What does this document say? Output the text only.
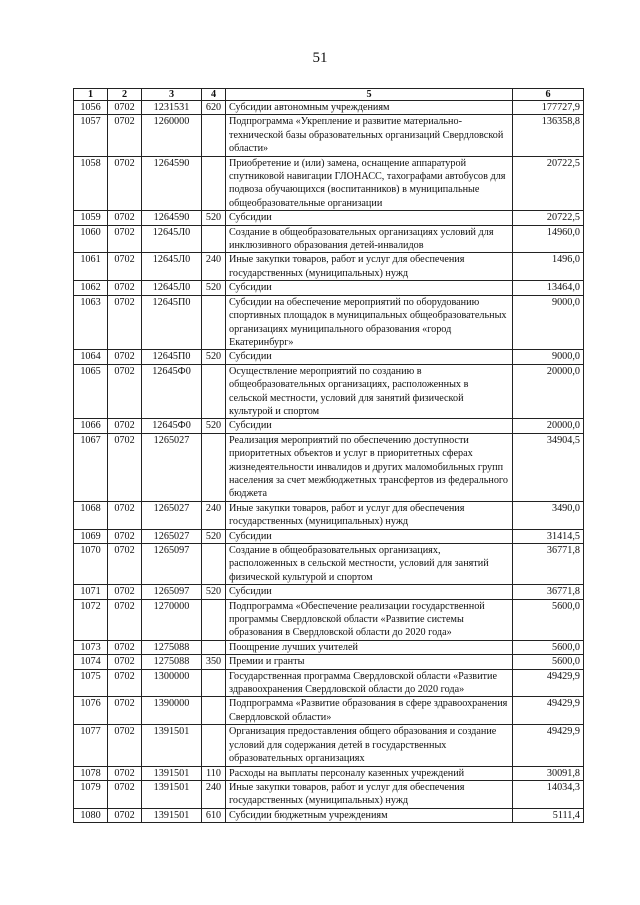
51
1	2	3	4	5	6
1056	0702	1231531	620	Субсидии автономным учреждениям	177727,9
1057	0702	1260000		Подпрограмма «Укрепление и развитие материально-технической базы образовательных организаций Свердловской области»	136358,8
1058	0702	1264590		Приобретение и (или) замена, оснащение аппаратурой спутниковой навигации ГЛОНАСС, тахографами автобусов для подвоза обучающихся (воспитанников) в муниципальные общеобразовательные организации	20722,5
1059	0702	1264590	520	Субсидии	20722,5
1060	0702	12645Л0		Создание в общеобразовательных организациях условий для инклюзивного образования детей-инвалидов	14960,0
1061	0702	12645Л0	240	Иные закупки товаров, работ и услуг для обеспечения государственных (муниципальных) нужд	1496,0
1062	0702	12645Л0	520	Субсидии	13464,0
1063	0702	12645П0		Субсидии на обеспечение мероприятий по оборудованию спортивных площадок в муниципальных общеобразовательных организациях муниципального образования «город Екатеринбург»	9000,0
1064	0702	12645П0	520	Субсидии	9000,0
1065	0702	12645Ф0		Осуществление мероприятий по созданию в общеобразовательных организациях, расположенных в сельской местности, условий для занятий физической культурой и спортом	20000,0
1066	0702	12645Ф0	520	Субсидии	20000,0
1067	0702	1265027		Реализация мероприятий по обеспечению доступности приоритетных объектов и услуг в приоритетных сферах жизнедеятельности инвалидов и других маломобильных групп населения за счет межбюджетных трансфертов из федерального бюджета	34904,5
1068	0702	1265027	240	Иные закупки товаров, работ и услуг для обеспечения государственных (муниципальных) нужд	3490,0
1069	0702	1265027	520	Субсидии	31414,5
1070	0702	1265097		Создание в общеобразовательных организациях, расположенных в сельской местности, условий для занятий физической культурой и спортом	36771,8
1071	0702	1265097	520	Субсидии	36771,8
1072	0702	1270000		Подпрограмма «Обеспечение реализации государственной программы Свердловской области «Развитие системы образования в Свердловской области до 2020 года»	5600,0
1073	0702	1275088		Поощрение лучших учителей	5600,0
1074	0702	1275088	350	Премии и гранты	5600,0
1075	0702	1300000		Государственная программа Свердловской области «Развитие здравоохранения Свердловской области до 2020 года»	49429,9
1076	0702	1390000		Подпрограмма «Развитие образования в сфере здравоохранения Свердловской области»	49429,9
1077	0702	1391501		Организация предоставления общего образования и создание условий для содержания детей в государственных образовательных организациях	49429,9
1078	0702	1391501	110	Расходы на выплаты персоналу казенных учреждений	30091,8
1079	0702	1391501	240	Иные закупки товаров, работ и услуг для обеспечения государственных (муниципальных) нужд	14034,3
1080	0702	1391501	610	Субсидии бюджетным учреждениям	5111,4
